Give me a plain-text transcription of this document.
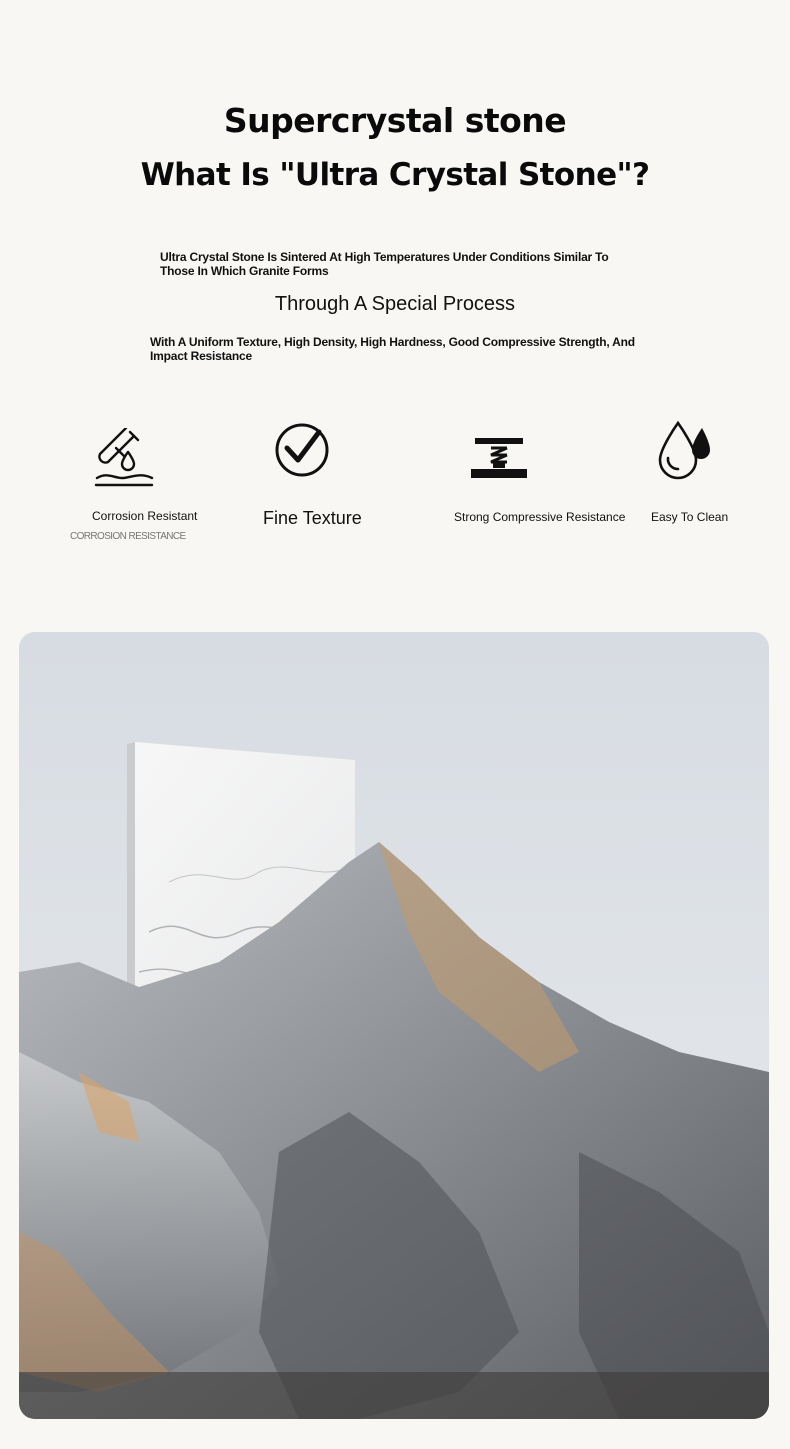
Supercrystal stone
What Is "Ultra Crystal Stone"?
Ultra Crystal Stone Is Sintered At High Temperatures Under Conditions Similar To Those In Which Granite Forms
Through A Special Process
With A Uniform Texture, High Density, High Hardness, Good Compressive Strength, And Impact Resistance
Corrosion Resistant
CORROSION RESISTANCE
Fine Texture	Strong Compressive Resistance Easy To Clean
